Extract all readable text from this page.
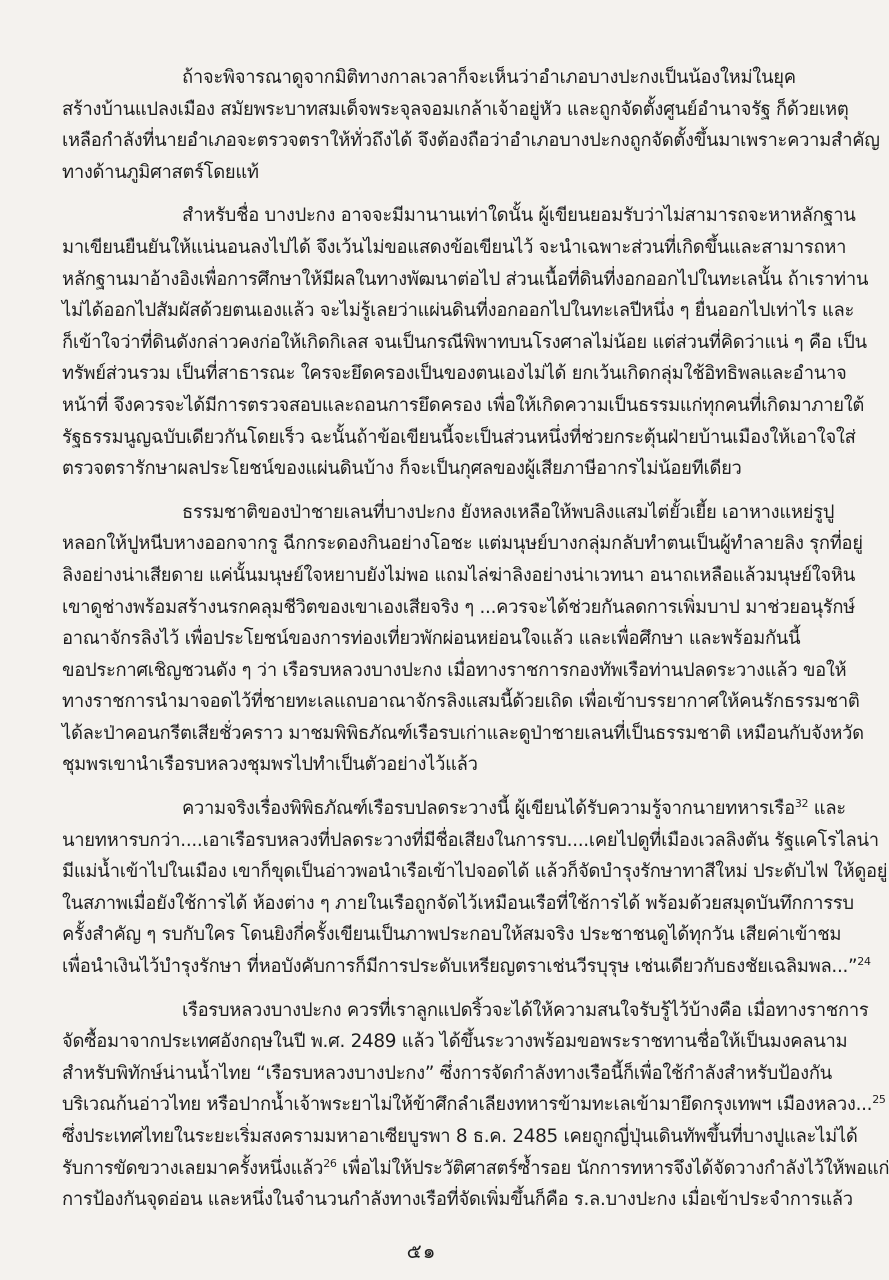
ถ้าจะพิจารณาดูจากมิติทางกาลเวลาก็จะเห็นว่าอำเภอบางปะกงเป็นน้องใหม่ในยุค
สร้างบ้านแปลงเมือง สมัยพระบาทสมเด็จพระจุลจอมเกล้าเจ้าอยู่หัว และถูกจัดตั้งศูนย์อำนาจรัฐ ก็ด้วยเหตุ
เหลือกำลังที่นายอำเภอจะตรวจตราให้ทั่วถึงได้ จึงต้องถือว่าอำเภอบางปะกงถูกจัดตั้งขึ้นมาเพราะความสำคัญ
ทางด้านภูมิศาสตร์โดยแท้
สำหรับชื่อ บางปะกง อาจจะมีมานานเท่าใดนั้น ผู้เขียนยอมรับว่าไม่สามารถจะหาหลักฐาน
มาเขียนยืนยันให้แน่นอนลงไปได้ จึงเว้นไม่ขอแสดงข้อเขียนไว้ จะนำเฉพาะส่วนที่เกิดขึ้นและสามารถหา
หลักฐานมาอ้างอิงเพื่อการศึกษาให้มีผลในทางพัฒนาต่อไป ส่วนเนื้อที่ดินที่งอกออกไปในทะเลนั้น ถ้าเราท่าน
ไม่ได้ออกไปสัมผัสด้วยตนเองแล้ว จะไม่รู้เลยว่าแผ่นดินที่งอกออกไปในทะเลปีหนึ่ง ๆ ยื่นออกไปเท่าไร และ
ก็เข้าใจว่าที่ดินดังกล่าวคงก่อให้เกิดกิเลส จนเป็นกรณีพิพาทบนโรงศาลไม่น้อย แต่ส่วนที่คิดว่าแน่ ๆ คือ เป็น
ทรัพย์ส่วนรวม เป็นที่สาธารณะ ใครจะยึดครองเป็นของตนเองไม่ได้ ยกเว้นเกิดกลุ่มใช้อิทธิพลและอำนาจ
หน้าที่ จึงควรจะได้มีการตรวจสอบและถอนการยึดครอง เพื่อให้เกิดความเป็นธรรมแก่ทุกคนที่เกิดมาภายใต้
รัฐธรรมนูญฉบับเดียวกันโดยเร็ว ฉะนั้นถ้าข้อเขียนนี้จะเป็นส่วนหนึ่งที่ช่วยกระตุ้นฝ่ายบ้านเมืองให้เอาใจใส่
ตรวจตรารักษาผลประโยชน์ของแผ่นดินบ้าง ก็จะเป็นกุศลของผู้เสียภาษีอากรไม่น้อยทีเดียว
ธรรมชาติของป่าชายเลนที่บางปะกง ยังหลงเหลือให้พบลิงแสมไต่ยั้วเยี้ย เอาหางแหย่รูปู
หลอกให้ปูหนีบหางออกจากรู ฉีกกระดองกินอย่างโอชะ แต่มนุษย์บางกลุ่มกลับทำตนเป็นผู้ทำลายลิง รุกที่อยู่
ลิงอย่างน่าเสียดาย แค่นั้นมนุษย์ใจหยาบยังไม่พอ แถมไล่ฆ่าลิงอย่างน่าเวทนา อนาถเหลือแล้วมนุษย์ใจหิน
เขาดูช่างพร้อมสร้างนรกคลุมชีวิตของเขาเองเสียจริง ๆ ...ควรจะได้ช่วยกันลดการเพิ่มบาป มาช่วยอนุรักษ์
อาณาจักรลิงไว้ เพื่อประโยชน์ของการท่องเที่ยวพักผ่อนหย่อนใจแล้ว และเพื่อศึกษา และพร้อมกันนี้
ขอประกาศเชิญชวนดัง ๆ ว่า เรือรบหลวงบางปะกง เมื่อทางราชการกองทัพเรือท่านปลดระวางแล้ว ขอให้
ทางราชการนำมาจอดไว้ที่ชายทะเลแถบอาณาจักรลิงแสมนี้ด้วยเถิด เพื่อเข้าบรรยากาศให้คนรักธรรมชาติ
ได้ละป่าคอนกรีตเสียชั่วคราว มาชมพิพิธภัณฑ์เรือรบเก่าและดูป่าชายเลนที่เป็นธรรมชาติ เหมือนกับจังหวัด
ชุมพรเขานำเรือรบหลวงชุมพรไปทำเป็นตัวอย่างไว้แล้ว
ความจริงเรื่องพิพิธภัณฑ์เรือรบปลดระวางนี้ ผู้เขียนได้รับความรู้จากนายทหารเรือ$^{32}$ และ
นายทหารบกว่า....เอาเรือรบหลวงที่ปลดระวางที่มีชื่อเสียงในการรบ....เคยไปดูที่เมืองเวลลิงตัน รัฐแคโรไลน่า
มีแม่น้ำเข้าไปในเมือง เขาก็ขุดเป็นอ่าวพอนำเรือเข้าไปจอดได้ แล้วก็จัดบำรุงรักษาทาสีใหม่ ประดับไฟ ให้ดูอยู่
ในสภาพเมื่อยังใช้การได้ ห้องต่าง ๆ ภายในเรือถูกจัดไว้เหมือนเรือที่ใช้การได้ พร้อมด้วยสมุดบันทึกการรบ
ครั้งสำคัญ ๆ รบกับใคร โดนยิงกี่ครั้งเขียนเป็นภาพประกอบให้สมจริง ประชาชนดูได้ทุกวัน เสียค่าเข้าชม
เพื่อนำเงินไว้บำรุงรักษา ที่หอบังคับการก็มีการประดับเหรียญตราเช่นวีรบุรุษ เช่นเดียวกับธงชัยเฉลิมพล...”$^{24}$
เรือรบหลวงบางปะกง ควรที่เราลูกแปดริ้วจะได้ให้ความสนใจรับรู้ไว้บ้างคือ เมื่อทางราชการ
จัดซื้อมาจากประเทศอังกฤษในปี พ.ศ. 2489 แล้ว ได้ขึ้นระวางพร้อมขอพระราชทานชื่อให้เป็นมงคลนาม
สำหรับพิทักษ์น่านน้ำไทย “เรือรบหลวงบางปะกง” ซึ่งการจัดกำลังทางเรือนี้ก็เพื่อใช้กำลังสำหรับป้องกัน
บริเวณก้นอ่าวไทย หรือปากน้ำเจ้าพระยาไม่ให้ข้าศึกลำเลียงทหารข้ามทะเลเข้ามายึดกรุงเทพฯ เมืองหลวง...$^{25}$
ซึ่งประเทศไทยในระยะเริ่มสงครามมหาอาเซียบูรพา 8 ธ.ค. 2485 เคยถูกญี่ปุ่นเดินทัพขึ้นที่บางปูและไม่ได้
รับการขัดขวางเลยมาครั้งหนึ่งแล้ว$^{26}$ เพื่อไม่ให้ประวัติศาสตร์ซ้ำรอย นักการทหารจึงได้จัดวางกำลังไว้ให้พอแก่
การป้องกันจุดอ่อน และหนึ่งในจำนวนกำลังทางเรือที่จัดเพิ่มขึ้นก็คือ ร.ล.บางปะกง เมื่อเข้าประจำการแล้ว
๕๑
